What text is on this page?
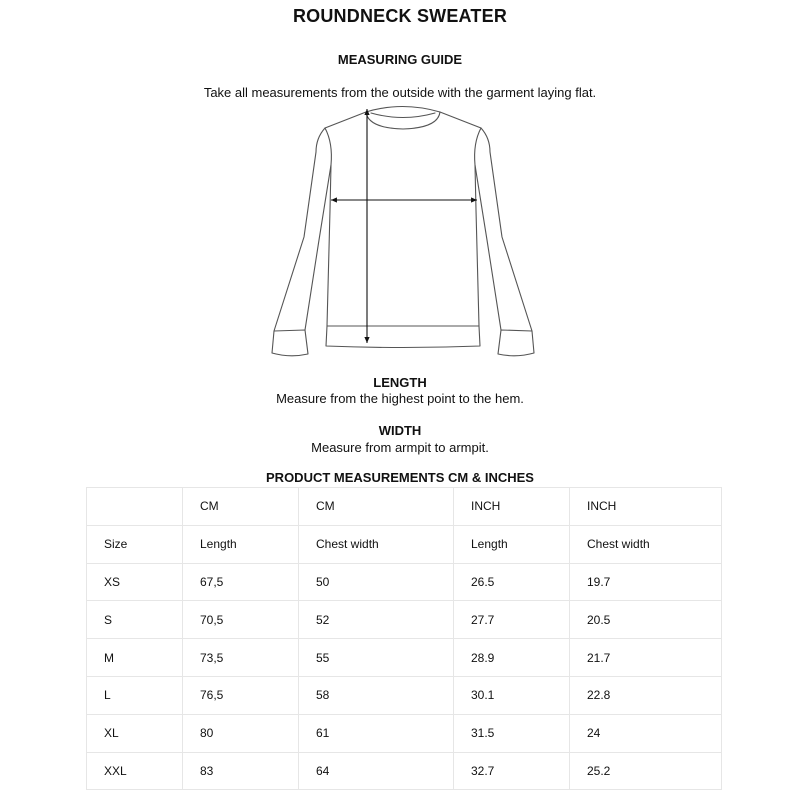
ROUNDNECK SWEATER
MEASURING GUIDE
Take all measurements from the outside with the garment laying flat.
LENGTH
Measure from the highest point to the hem.
WIDTH
Measure from armpit to armpit.
PRODUCT MEASUREMENTS CM & INCHES
	CM	CM	INCH	INCH
Size	Length	Chest width	Length	Chest width
XS	67,5	50	26.5	19.7
S	70,5	52	27.7	20.5
M	73,5	55	28.9	21.7
L	76,5	58	30.1	22.8
XL	80	61	31.5	24
XXL	83	64	32.7	25.2
